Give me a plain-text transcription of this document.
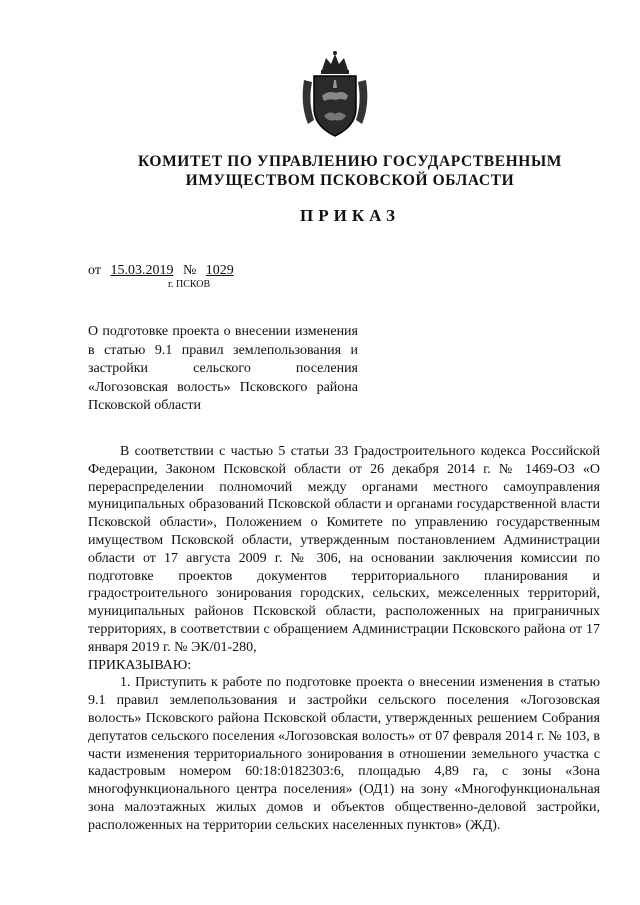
КОМИТЕТ ПО УПРАВЛЕНИЮ ГОСУДАРСТВЕННЫМ
ИМУЩЕСТВОМ ПСКОВСКОЙ ОБЛАСТИ
ПРИКАЗ
от 15.03.2019 № 1029
г. ПСКОВ
О подготовке проекта о внесении изменения в статью 9.1 правил землепользования и застройки сельского поселения «Логозовская волость» Псковского района Псковской области

В соответствии с частью 5 статьи 33 Градостроительного кодекса Российской Федерации, Законом Псковской области от 26 декабря 2014 г. № 1469-ОЗ «О перераспределении полномочий между органами местного самоуправления муниципальных образований Псковской области и органами государственной власти Псковской области», Положением о Комитете по управлению государственным имуществом Псковской области, утвержденным постановлением Администрации области от 17 августа 2009 г. № 306, на основании заключения комиссии по подготовке проектов документов территориального планирования и градостроительного зонирования городских, сельских, межселенных территорий, муниципальных районов Псковской области, расположенных на приграничных территориях, в соответствии с обращением Администрации Псковского района от 17 января 2019 г. № ЭК/01-280,

ПРИКАЗЫВАЮ:

1. Приступить к работе по подготовке проекта о внесении изменения в статью 9.1 правил землепользования и застройки сельского поселения «Логозовская волость» Псковского района Псковской области, утвержденных решением Собрания депутатов сельского поселения «Логозовская волость» от 07 февраля 2014 г. № 103, в части изменения территориального зонирования в отношении земельного участка с кадастровым номером 60:18:0182303:6, площадью 4,89 га, с зоны «Зона многофункционального центра поселения» (ОД1) на зону «Многофункциональная зона малоэтажных жилых домов и объектов общественно-деловой застройки, расположенных на территории сельских населенных пунктов» (ЖД).
